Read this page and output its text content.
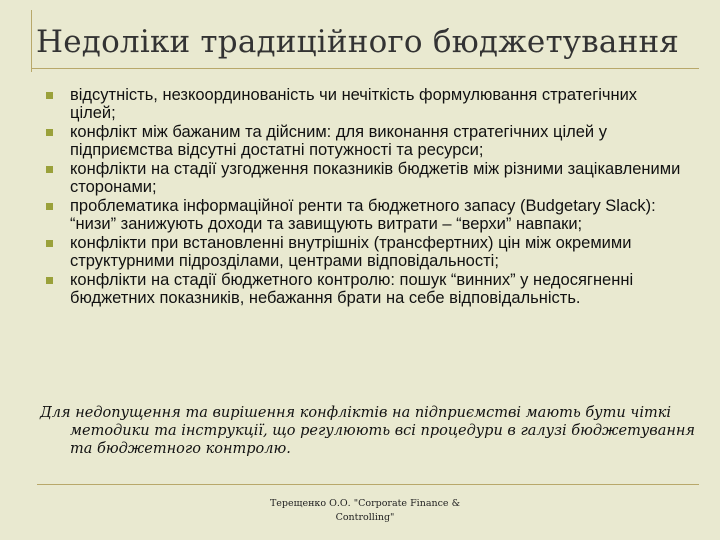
Недоліки традиційного бюджетування
відсутність, незкоординованість чи нечіткість формулювання стратегічних цілей;
конфлікт між бажаним та дійсним: для виконання стратегічних цілей у підприємства відсутні достатні потужності та ресурси;
конфлікти на стадії узгодження показників бюджетів між різними зацікавленими сторонами;
проблематика інформаційної ренти та бюджетного запасу (Budgetary Slack): “низи” занижують доходи та завищують витрати – “верхи” навпаки;
конфлікти при встановленні внутрішніх (трансфертних) цін між окремими структурними підрозділами, центрами відповідальності;
конфлікти на стадії бюджетного контролю: пошук “винних” у недосягненні бюджетних показників, небажання брати на себе відповідальність.
Для недопущення та вирішення конфліктів на підприємстві мають бути чіткі методики та інструкції, що регулюють всі процедури в галузі бюджетування та бюджетного контролю.
Терещенко О.О. "Corporate Finance & Controlling"
